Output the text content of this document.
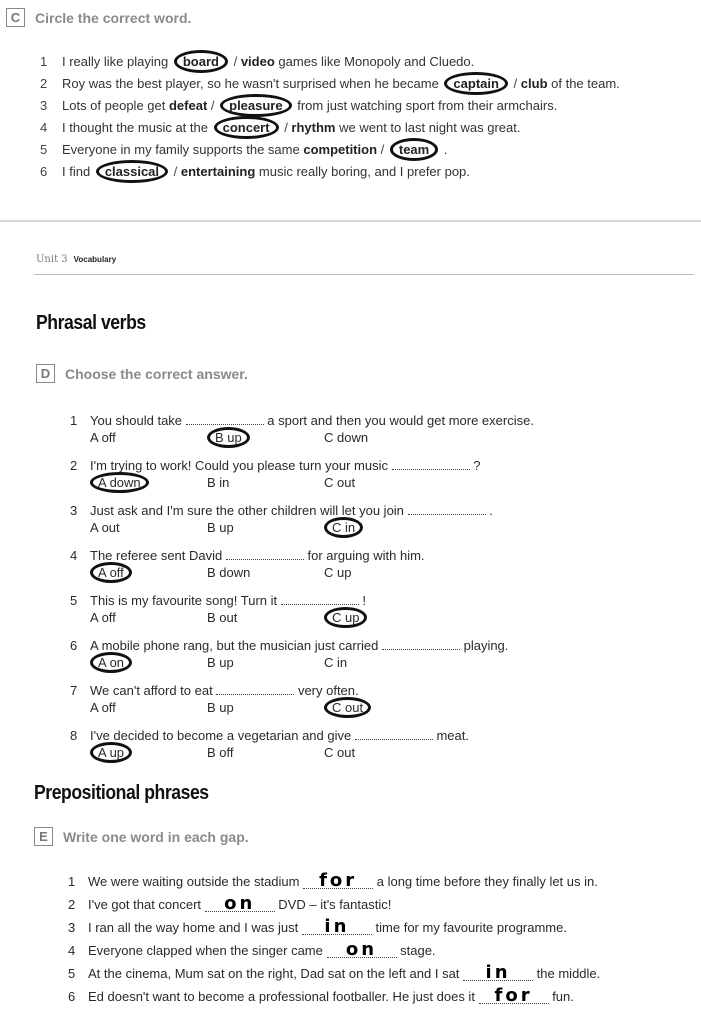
C	Circle the correct word.
1	I really like playing board / video games like Monopoly and Cluedo.
2	Roy was the best player, so he wasn't surprised when he became captain / club of the team.
3	Lots of people get defeat / pleasure from just watching sport from their armchairs.
4	I thought the music at the concert / rhythm we went to last night was great.
5	Everyone in my family supports the same competition / team .
6	I find classical / entertaining music really boring, and I prefer pop.
Unit 3 Vocabulary
Phrasal verbs
D	Choose the correct answer.
1 You should take	a sport and then you would get more exercise.
A off	B up	C down
2 I'm trying to work! Could you please turn your music	?
A down	B in	C out
3 Just ask and I'm sure the other children will let you join	.
A out	B up	C in
4 The referee sent David	for arguing with him.
A off	B down	C up
5 This is my favourite song! Turn it	!
A off	B out	C up
6 A mobile phone rang, but the musician just carried	playing.
A on	B up	C in
7 We can't afford to eat	very often.
A off	B up	C out
8 I've decided to become a vegetarian and give	meat.
A up	B off	C out
Prepositional phrases
E	Write one word in each gap.
1 We were waiting outside the stadium for a long time before they finally let us in.
2 I've got that concert on DVD – it's fantastic!
3 I ran all the way home and I was just in time for my favourite programme.
4 Everyone clapped when the singer came on stage.
5 At the cinema, Mum sat on the right, Dad sat on the left and I sat in the middle.
6 Ed doesn't want to become a professional footballer. He just does it for fun.
